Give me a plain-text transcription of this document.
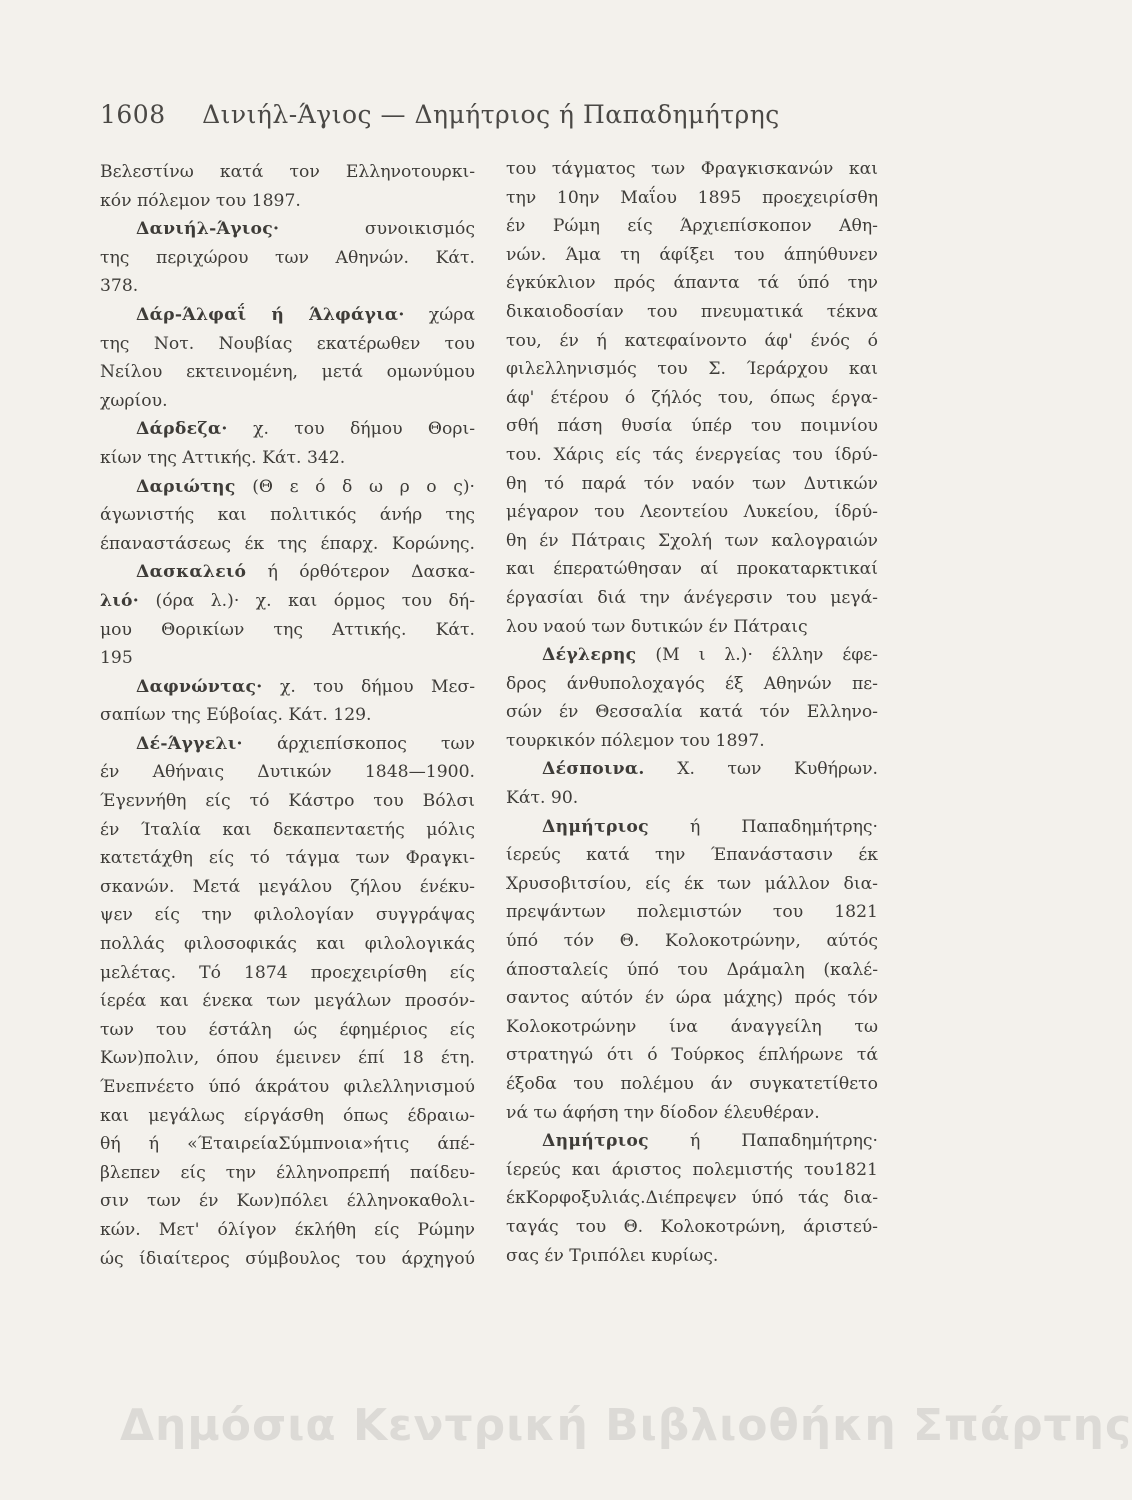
1608 Δινιήλ-Άγιος — Δημήτριος ή Παπαδημήτρης
Βελεστίνω κατά τον Ελληνοτουρκι-
κόν πόλεμον του 1897.
Δανιήλ-Άγιος·	συνοικισμός
της περιχώρου των Αθηνών. Κάτ.
378.
Δάρ-Άλφαΐ ή Άλφάγια· χώρα
της Νοτ. Νουβίας εκατέρωθεν του
Νείλου εκτεινομένη, μετά ομωνύμου
χωρίου.
Δάρδεζα· χ. του δήμου Θορι-
κίων της Αττικής. Κάτ. 342.
Δαριώτης (Θ ε ό δ ω ρ ο ς)·
άγωνιστής και πολιτικός άνήρ της
έπαναστάσεως έκ της έπαρχ. Κορώνης.
Δασκαλειό ή όρθότερον Δασκα-
λιό· (όρα λ.)· χ. και όρμος του δή-
μου Θορικίων της Αττικής. Κάτ.
195
Δαφνώντας· χ. του δήμου Μεσ-
σαπίων της Εύβοίας. Κάτ. 129.
Δέ-Άγγελι· άρχιεπίσκοπος των
έν Αθήναις Δυτικών 1848—1900.
Έγεννήθη είς τό Κάστρο του Βόλσι
έν Ίταλία και δεκαπενταετής μόλις
κατετάχθη είς τό τάγμα των Φραγκι-
σκανών. Μετά μεγάλου ζήλου ένέκυ-
ψεν είς την φιλολογίαν συγγράψας
πολλάς φιλοσοφικάς και φιλολογικάς
μελέτας. Τό 1874 προεχειρίσθη είς
ίερέα και ένεκα των μεγάλων προσόν-
των του έστάλη ώς έφημέριος είς
Κων)πολιν, όπου έμεινεν έπί 18 έτη.
Ένεπνέετο ύπό άκράτου φιλελληνισμού
και μεγάλως είργάσθη όπως έδραιω-
θή ή «ΈταιρείαΣύμπνοια»ήτις άπέ-
βλεπεν είς την έλληνοπρεπή παίδευ-
σιν των έν Κων)πόλει έλληνοκαθολι-
κών. Μετ' όλίγον έκλήθη είς Ρώμην
ώς ίδιαίτερος σύμβουλος του άρχηγού
του τάγματος των Φραγκισκανών και
την 10ην Μαΐου 1895 προεχειρίσθη
έν Ρώμη είς Άρχιεπίσκοπον Αθη-
νών. Άμα τη άφίξει του άπηύθυνεν
έγκύκλιον πρός άπαντα τά ύπό την
δικαιοδοσίαν του πνευματικά τέκνα
του, έν ή κατεφαίνοντο άφ' ένός ό
φιλελληνισμός του Σ. Ίεράρχου και
άφ' έτέρου ό ζήλός του, όπως έργα-
σθή πάση θυσία ύπέρ του ποιμνίου
του. Χάρις είς τάς ένεργείας του ίδρύ-
θη τό παρά τόν ναόν των Δυτικών
μέγαρον του Λεοντείου Λυκείου, ίδρύ-
θη έν Πάτραις Σχολή των καλογραιών
και έπερατώθησαν αί προκαταρκτικαί
έργασίαι διά την άνέγερσιν του μεγά-
λου ναού των δυτικών έν Πάτραις
Δέγλερης (Μ ι λ.)· έλλην έφε-
δρος άνθυπολοχαγός έξ Αθηνών πε-
σών έν Θεσσαλία κατά τόν Ελληνο-
τουρκικόν πόλεμον του 1897.
Δέσποινα. Χ. των Κυθήρων.
Κάτ. 90.
Δημήτριος ή Παπαδημήτρης·
ίερεύς κατά την Έπανάστασιν έκ
Χρυσοβιτσίου, είς έκ των μάλλον δια-
πρεψάντων πολεμιστών του 1821
ύπό τόν Θ. Κολοκοτρώνην, αύτός
άποσταλείς ύπό του Δράμαλη (καλέ-
σαντος αύτόν έν ώρα μάχης) πρός τόν
Κολοκοτρώνην ίνα άναγγείλη τω
στρατηγώ ότι ό Τούρκος έπλήρωνε τά
έξοδα του πολέμου άν συγκατετίθετο
νά τω άφήση την δίοδον έλευθέραν.
Δημήτριος ή Παπαδημήτρης·
ίερεύς και άριστος πολεμιστής του1821
έκΚορφοξυλιάς.Διέπρεψεν ύπό τάς δια-
ταγάς του Θ. Κολοκοτρώνη, άριστεύ-
σας έν Τριπόλει κυρίως.
Δημόσια Κεντρική Βιβλιοθήκη Σπάρτης
